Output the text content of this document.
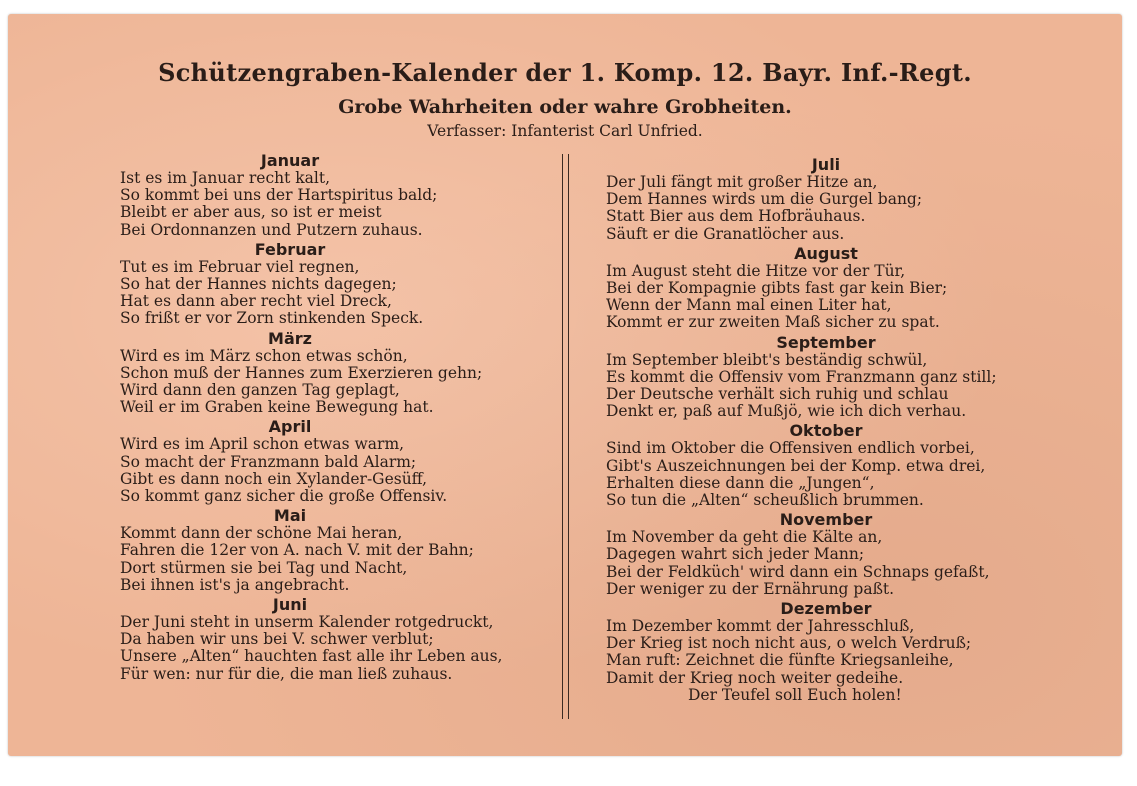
Schützengraben-Kalender der 1. Komp. 12. Bayr. Inf.-Regt.
Grobe Wahrheiten oder wahre Grobheiten.
Verfasser: Infanterist Carl Unfried.
Januar
Ist es im Januar recht kalt,
So kommt bei uns der Hartspiritus bald;
Bleibt er aber aus, so ist er meist
Bei Ordonnanzen und Putzern zuhaus.
Februar
Tut es im Februar viel regnen,
So hat der Hannes nichts dagegen;
Hat es dann aber recht viel Dreck,
So frißt er vor Zorn stinkenden Speck.
März
Wird es im März schon etwas schön,
Schon muß der Hannes zum Exerzieren gehn;
Wird dann den ganzen Tag geplagt,
Weil er im Graben keine Bewegung hat.
April
Wird es im April schon etwas warm,
So macht der Franzmann bald Alarm;
Gibt es dann noch ein Xylander-Gesüff,
So kommt ganz sicher die große Offensiv.
Mai
Kommt dann der schöne Mai heran,
Fahren die 12er von A. nach V. mit der Bahn;
Dort stürmen sie bei Tag und Nacht,
Bei ihnen ist's ja angebracht.
Juni
Der Juni steht in unserm Kalender rotgedruckt,
Da haben wir uns bei V. schwer verblut;
Unsere „Alten“ hauchten fast alle ihr Leben aus,
Für wen: nur für die, die man ließ zuhaus.
Juli
Der Juli fängt mit großer Hitze an,
Dem Hannes wirds um die Gurgel bang;
Statt Bier aus dem Hofbräuhaus.
Säuft er die Granatlöcher aus.
August
Im August steht die Hitze vor der Tür,
Bei der Kompagnie gibts fast gar kein Bier;
Wenn der Mann mal einen Liter hat,
Kommt er zur zweiten Maß sicher zu spat.
September
Im September bleibt's beständig schwül,
Es kommt die Offensiv vom Franzmann ganz still;
Der Deutsche verhält sich ruhig und schlau
Denkt er, paß auf Mußjö, wie ich dich verhau.
Oktober
Sind im Oktober die Offensiven endlich vorbei,
Gibt's Auszeichnungen bei der Komp. etwa drei,
Erhalten diese dann die „Jungen“,
So tun die „Alten“ scheußlich brummen.
November
Im November da geht die Kälte an,
Dagegen wahrt sich jeder Mann;
Bei der Feldküch' wird dann ein Schnaps gefaßt,
Der weniger zu der Ernährung paßt.
Dezember
Im Dezember kommt der Jahresschluß,
Der Krieg ist noch nicht aus, o welch Verdruß;
Man ruft: Zeichnet die fünfte Kriegsanleihe,
Damit der Krieg noch weiter gedeihe.
Der Teufel soll Euch holen!
